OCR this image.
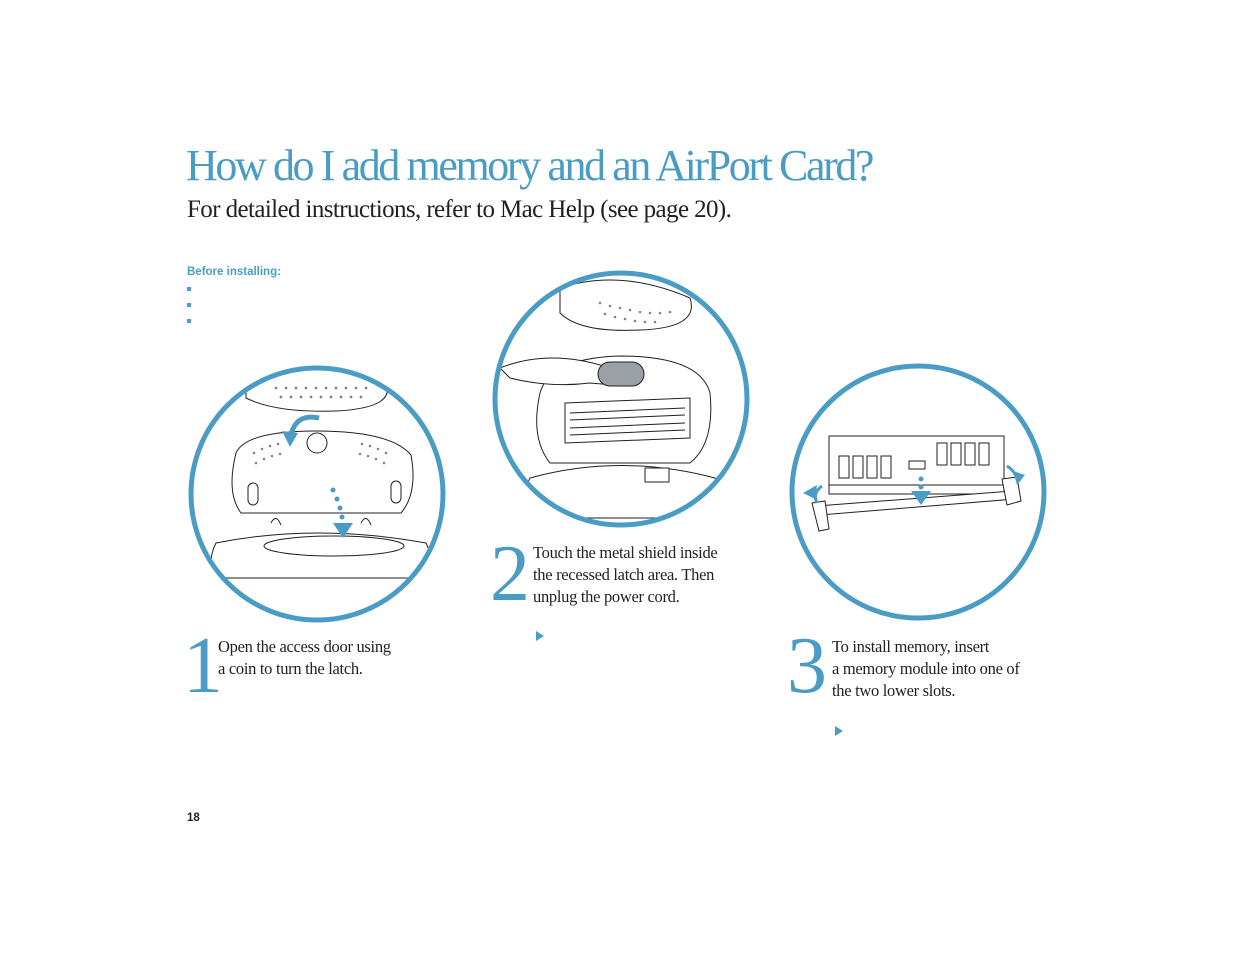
How do I add memory and an AirPort Card?

For detailed instructions, refer to Mac Help (see page 20).

Before installing:
1
Open the access door using
a coin to turn the latch.
2 Touch the metal shield inside
the recessed latch area. Then
unplug the power cord.
3 To install memory, insert
a memory module into one of
the two lower slots.
18
